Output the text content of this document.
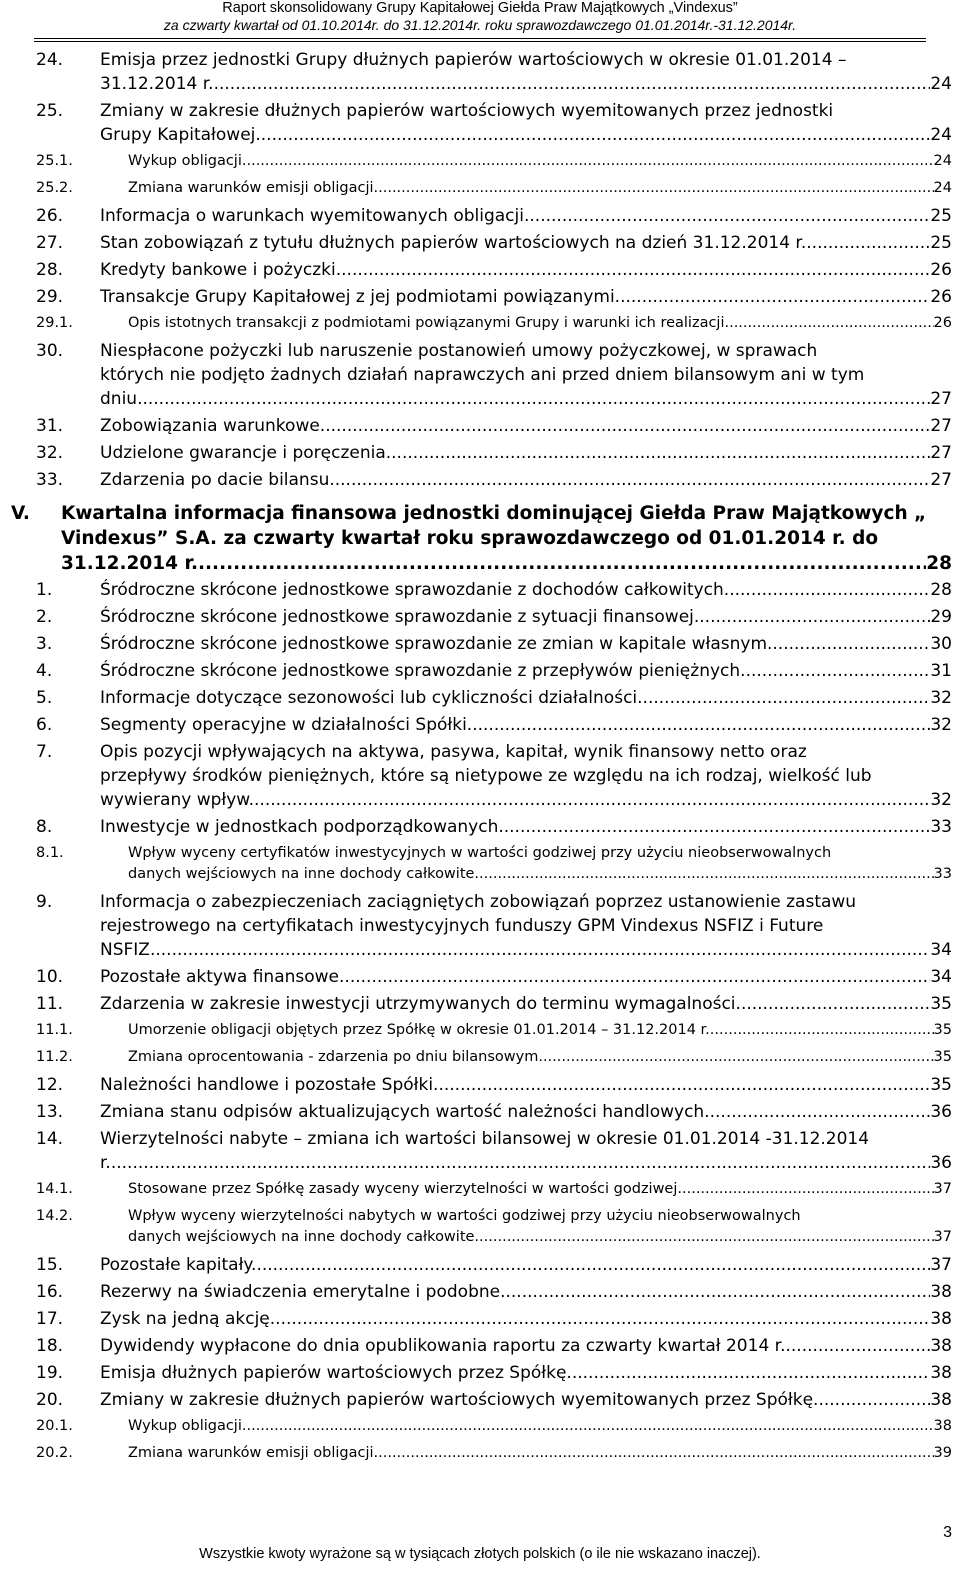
Raport skonsolidowany Grupy Kapitałowej Giełda Praw Majątkowych „Vindexus”
za czwarty kwartał od 01.10.2014r. do 31.12.2014r. roku sprawozdawczego 01.01.2014r.-31.12.2014r.
24. Emisja przez jednostki Grupy dłużnych papierów wartościowych w okresie 01.01.2014 –
31.12.2014 r. .....	24
25. Zmiany w zakresie dłużnych papierów wartościowych wyemitowanych przez jednostki
Grupy Kapitałowej .....	24
25.1.	Wykup obligacji. .....	24
25.2.	Zmiana warunków emisji obligacji. .....	24
26. Informacja o warunkach wyemitowanych obligacji. .....	25
27. Stan zobowiązań z tytułu dłużnych papierów wartościowych na dzień 31.12.2014 r. .....	25
28. Kredyty bankowe i pożyczki .....	26
29. Transakcje Grupy Kapitałowej z jej podmiotami powiązanymi .....	26
29.1.	Opis istotnych transakcji z podmiotami powiązanymi Grupy i warunki ich realizacji. .....	26
30. Niespłacone pożyczki lub naruszenie postanowień umowy pożyczkowej, w sprawach
których nie podjęto żadnych działań naprawczych ani przed dniem bilansowym ani w tym
dniu. .....	27
31. Zobowiązania warunkowe. .....	27
32. Udzielone gwarancje i poręczenia. .....	27
33. Zdarzenia po dacie bilansu. .....	27
V. Kwartalna informacja finansowa jednostki dominującej Giełda Praw Majątkowych „
Vindexus” S.A. za czwarty kwartał roku sprawozdawczego od 01.01.2014 r. do
31.12.2014 r. .....	28
1.	Śródroczne skrócone jednostkowe sprawozdanie z dochodów całkowitych. .....	28
2.	Śródroczne skrócone jednostkowe sprawozdanie z sytuacji finansowej. .....	29
3.	Śródroczne skrócone jednostkowe sprawozdanie ze zmian w kapitale własnym. .....	30
4.	Śródroczne skrócone jednostkowe sprawozdanie z przepływów pieniężnych. .....	31
5.	Informacje dotyczące sezonowości lub cykliczności działalności. .....	32
6.	Segmenty operacyjne w działalności Spółki. .....	32
7.	Opis pozycji wpływających na aktywa, pasywa, kapitał, wynik finansowy netto oraz
przepływy środków pieniężnych, które są nietypowe ze względu na ich rodzaj, wielkość lub
wywierany wpływ. .....	32
8.	Inwestycje w jednostkach podporządkowanych. .....	33
8.1.	Wpływ wyceny certyfikatów inwestycyjnych w wartości godziwej przy użyciu nieobserwowalnych
danych wejściowych na inne dochody całkowite. .....	33
9.	Informacja o zabezpieczeniach zaciągniętych zobowiązań poprzez ustanowienie zastawu
rejestrowego na certyfikatach inwestycyjnych funduszy GPM Vindexus NSFIZ i Future
NSFIZ. .....	34
10. Pozostałe aktywa finansowe. .....	34
11. Zdarzenia w zakresie inwestycji utrzymywanych do terminu wymagalności. .....	35
11.1.	Umorzenie obligacji objętych przez Spółkę w okresie 01.01.2014 – 31.12.2014 r. .....	35
11.2.	Zmiana oprocentowania - zdarzenia po dniu bilansowym. .....	35
12. Należności handlowe i pozostałe Spółki. .....	35
13. Zmiana stanu odpisów aktualizujących wartość należności handlowych. .....	36
14. Wierzytelności nabyte – zmiana ich wartości bilansowej w okresie 01.01.2014 -31.12.2014
r. .....	36
14.1.	Stosowane przez Spółkę zasady wyceny wierzytelności w wartości godziwej. .....	37
14.2.	Wpływ wyceny wierzytelności nabytych w wartości godziwej przy użyciu nieobserwowalnych
danych wejściowych na inne dochody całkowite. .....	37
15. Pozostałe kapitały. .....	37
16. Rezerwy na świadczenia emerytalne i podobne .....	38
17. Zysk na jedną akcję. .....	38
18. Dywidendy wypłacone do dnia opublikowania raportu za czwarty kwartał 2014 r. .....	38
19. Emisja dłużnych papierów wartościowych przez Spółkę. .....	38
20. Zmiany w zakresie dłużnych papierów wartościowych wyemitowanych przez Spółkę. .....	38
20.1.	Wykup obligacji. .....	38
20.2.	Zmiana warunków emisji obligacji. .....	39
3
Wszystkie kwoty wyrażone są w tysiącach złotych polskich (o ile nie wskazano inaczej).
